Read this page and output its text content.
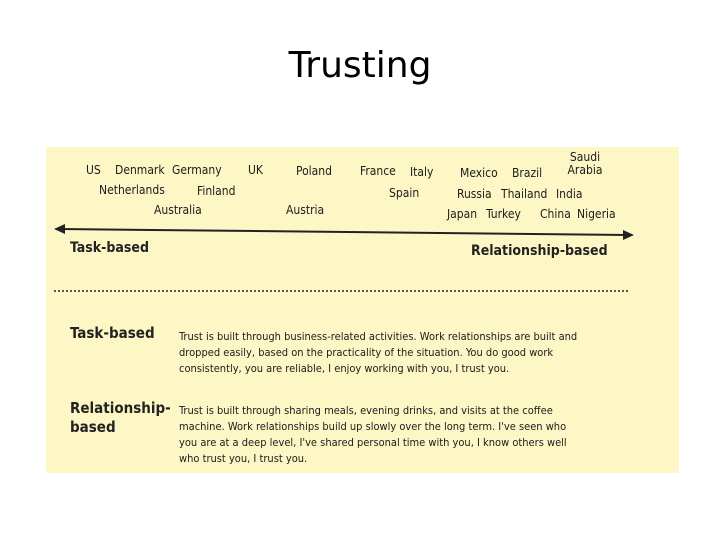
Trusting
US Denmark Germany UK	Poland France Italy Mexico Brazil
Saudi
Arabia
Netherlands	Finland	Spain	Russia Thailand India
Australia	Austria	Japan Turkey China Nigeria
Task-based	Relationship-based
Task-based Trust is built through business-related activities. Work relationships are built and dropped easily, based on the practicality of the situation. You do good work consistently, you are reliable, I enjoy working with you, I trust you.
Relationship-
based
Trust is built through sharing meals, evening drinks, and visits at the coffee machine. Work relationships build up slowly over the long term. I've seen who you are at a deep level, I've shared personal time with you, I know others well who trust you, I trust you.
